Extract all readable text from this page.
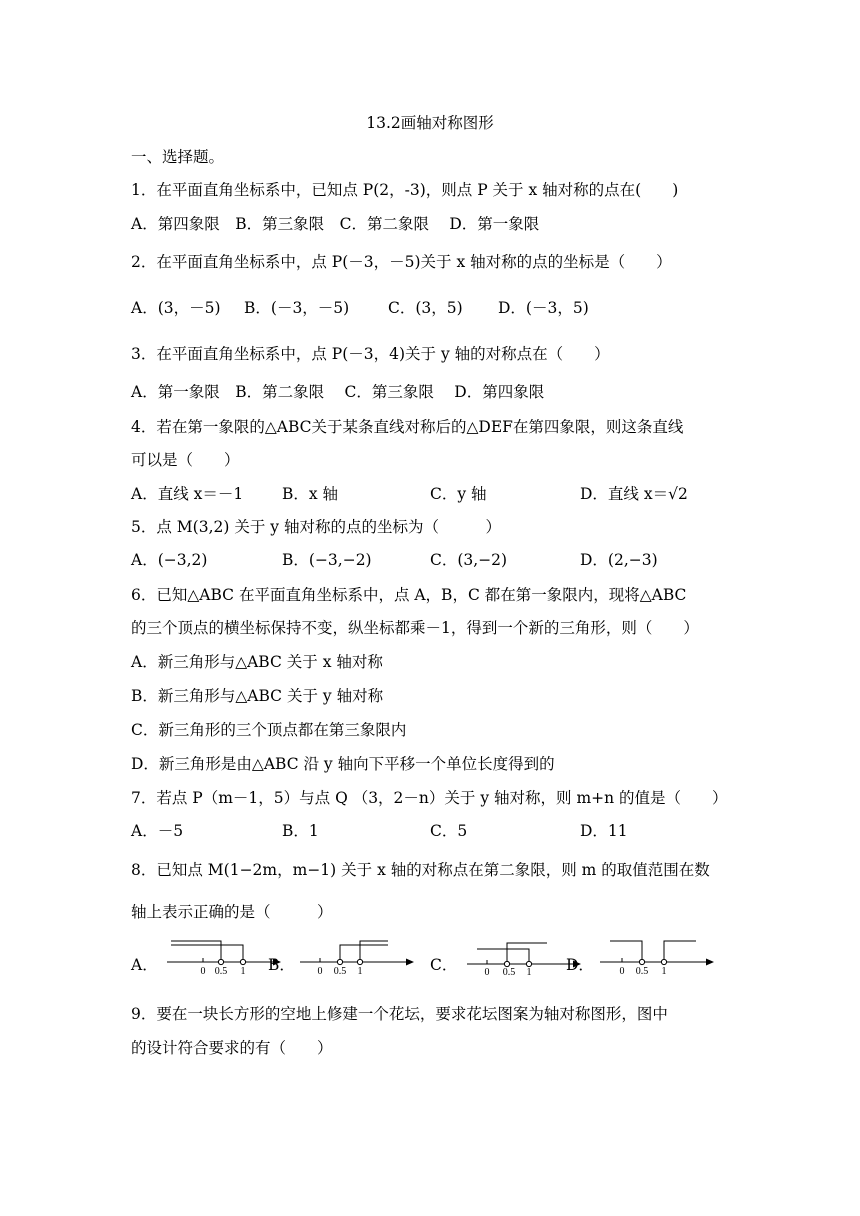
13.2画轴对称图形
一、选择题。
1．在平面直角坐标系中，已知点 P(2，-3)，则点 P 关于 x 轴对称的点在(　　)
A．第四象限　B．第三象限　C．第二象限　 D．第一象限
2．在平面直角坐标系中，点 P(－3，－5)关于 x 轴对称的点的坐标是（　　）
A．(3，－5) B．(－3，－5)	C．(3，5) D．(－3，5)
3．在平面直角坐标系中，点 P(－3，4)关于 y 轴的对称点在（　　）
A．第一象限　B．第二象限　 C．第三象限　 D．第四象限
4．若在第一象限的△ABC关于某条直线对称后的△DEF在第四象限，则这条直线
可以是（　　）
A．直线 x＝－1	B．x 轴	C．y 轴	D．直线 x＝√2
5．点 M(3,2) 关于 y 轴对称的点的坐标为（　　　）
A．(−3,2)	B．(−3,−2)	C．(3,−2)	D．(2,−3)
6．已知△ABC 在平面直角坐标系中，点 A，B，C 都在第一象限内，现将△ABC
的三个顶点的横坐标保持不变，纵坐标都乘－1，得到一个新的三角形，则（　　）
A．新三角形与△ABC 关于 x 轴对称
B．新三角形与△ABC 关于 y 轴对称
C．新三角形的三个顶点都在第三象限内
D．新三角形是由△ABC 沿 y 轴向下平移一个单位长度得到的
7．若点 P（m－1，5）与点 Q （3，2－n）关于 y 轴对称，则 m+n 的值是（　　）
A．－5	B．1	C．5	D．11
8．已知点 M(1−2m，m−1) 关于 x 轴的对称点在第二象限，则 m 的取值范围在数
轴上表示正确的是（　　　）
A．	0 0.5 1 B． 0 0.5 1	C．	0 0.5 1 D．	0 0.5 1
9．要在一块长方形的空地上修建一个花坛，要求花坛图案为轴对称图形，图中
的设计符合要求的有（　　）
